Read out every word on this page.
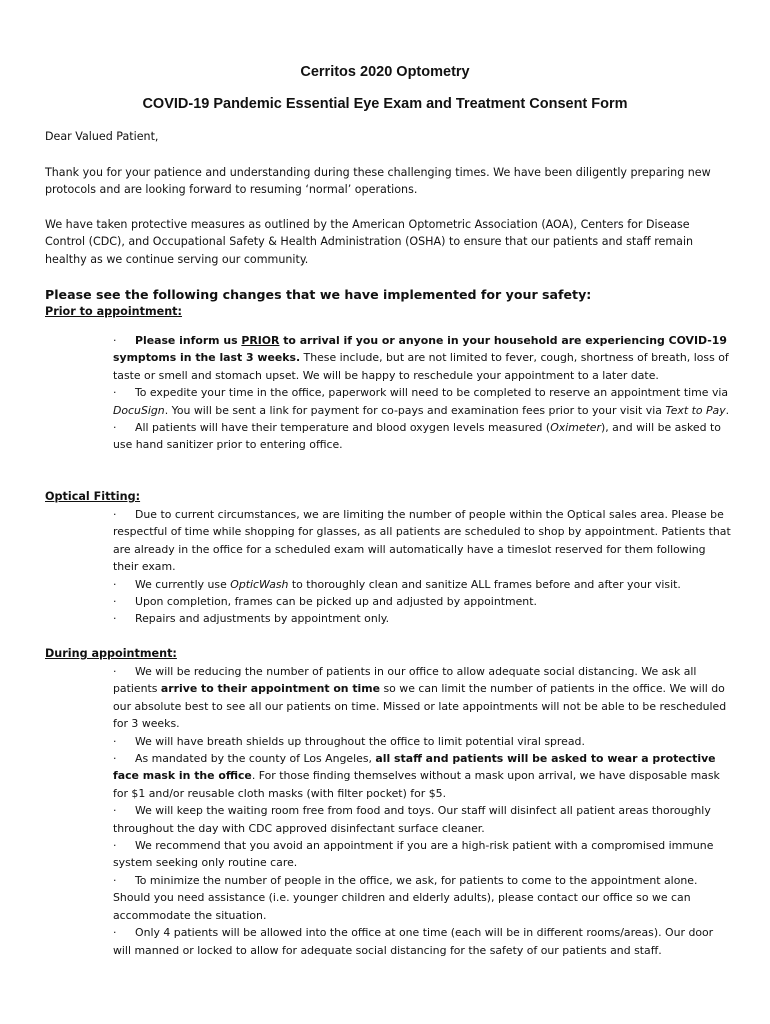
Cerritos 2020 Optometry
COVID-19 Pandemic Essential Eye Exam and Treatment Consent Form
Dear Valued Patient,
Thank you for your patience and understanding during these challenging times. We have been diligently preparing new protocols and are looking forward to resuming ‘normal’ operations.
We have taken protective measures as outlined by the American Optometric Association (AOA), Centers for Disease Control (CDC), and Occupational Safety & Health Administration (OSHA) to ensure that our patients and staff remain healthy as we continue serving our community.
Please see the following changes that we have implemented for your safety:
Prior to appointment:

· Please inform us PRIOR to arrival if you or anyone in your household are experiencing COVID-19 symptoms in the last 3 weeks. These include, but are not limited to fever, cough, shortness of breath, loss of taste or smell and stomach upset. We will be happy to reschedule your appointment to a later date.

· To expedite your time in the office, paperwork will need to be completed to reserve an appointment time via DocuSign. You will be sent a link for payment for co-pays and examination fees prior to your visit via Text to Pay.

· All patients will have their temperature and blood oxygen levels measured (Oximeter), and will be asked to use hand sanitizer prior to entering office.

Optical Fitting:

· Due to current circumstances, we are limiting the number of people within the Optical sales area. Please be respectful of time while shopping for glasses, as all patients are scheduled to shop by appointment. Patients that are already in the office for a scheduled exam will automatically have a timeslot reserved for them following their exam.

· We currently use OpticWash to thoroughly clean and sanitize ALL frames before and after your visit.

· Upon completion, frames can be picked up and adjusted by appointment.

· Repairs and adjustments by appointment only.

During appointment:

· We will be reducing the number of patients in our office to allow adequate social distancing. We ask all patients arrive to their appointment on time so we can limit the number of patients in the office. We will do our absolute best to see all our patients on time. Missed or late appointments will not be able to be rescheduled for 3 weeks.

· We will have breath shields up throughout the office to limit potential viral spread.

· As mandated by the county of Los Angeles, all staff and patients will be asked to wear a protective face mask in the office. For those finding themselves without a mask upon arrival, we have disposable mask for $1 and/or reusable cloth masks (with filter pocket) for $5.

· We will keep the waiting room free from food and toys. Our staff will disinfect all patient areas thoroughly throughout the day with CDC approved disinfectant surface cleaner.

· We recommend that you avoid an appointment if you are a high-risk patient with a compromised immune system seeking only routine care.

· To minimize the number of people in the office, we ask, for patients to come to the appointment alone. Should you need assistance (i.e. younger children and elderly adults), please contact our office so we can accommodate the situation.

· Only 4 patients will be allowed into the office at one time (each will be in different rooms/areas). Our door will manned or locked to allow for adequate social distancing for the safety of our patients and staff.
